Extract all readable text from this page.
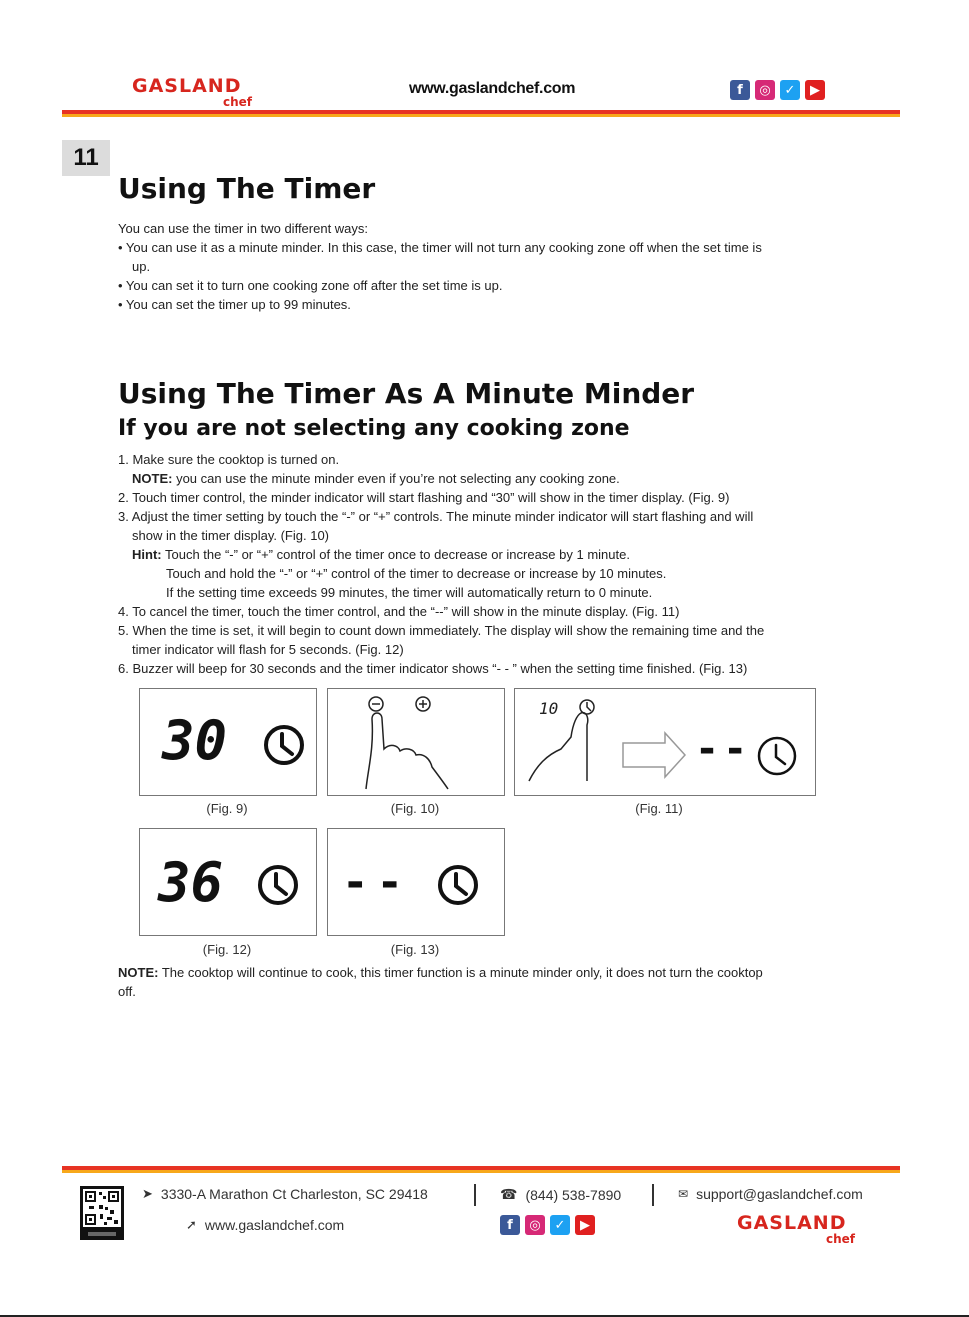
GASLAND
chef
www.gaslandchef.com	f	◎	✓	▶
11
Using The Timer

You can use the timer in two different ways:

• You can use it as a minute minder. In this case, the timer will not turn any cooking zone off when the set time is

up.

• You can set it to turn one cooking zone off after the set time is up.

• You can set the timer up to 99 minutes.

Using The Timer As A Minute Minder
If you are not selecting any cooking zone

1. Make sure the cooktop is turned on.

NOTE: you can use the minute minder even if you’re not selecting any cooking zone.

2. Touch timer control, the minder indicator will start flashing and “30” will show in the timer display. (Fig. 9)

3. Adjust the timer setting by touch the “-” or “+” controls. The minute minder indicator will start flashing and will

show in the timer display. (Fig. 10)

Hint: Touch the “-” or “+” control of the timer once to decrease or increase by 1 minute.

Touch and hold the “-” or “+” control of the timer to decrease or increase by 10 minutes.

If the setting time exceeds 99 minutes, the timer will automatically return to 0 minute.

4. To cancel the timer, touch the timer control, and the “--” will show in the minute display. (Fig. 11)

5. When the time is set, it will begin to count down immediately. The display will show the remaining time and the

timer indicator will flash for 5 seconds. (Fig. 12)

6. Buzzer will beep for 30 seconds and the timer indicator shows “- - ” when the setting time finished. (Fig. 13)

30
(Fig. 9)	(Fig. 10)
10
--
(Fig. 11)
36
(Fig. 12)
--
(Fig. 13)

NOTE: The cooktop will continue to cook, this timer function is a minute minder only, it does not turn the cooktop

off.

➤ 3330-A Marathon Ct Charleston, SC 29418	☎ (844) 538-7890	✉ support@gaslandchef.com
➚ www.gaslandchef.com	f	◎	✓	▶	GASLAND
chef
